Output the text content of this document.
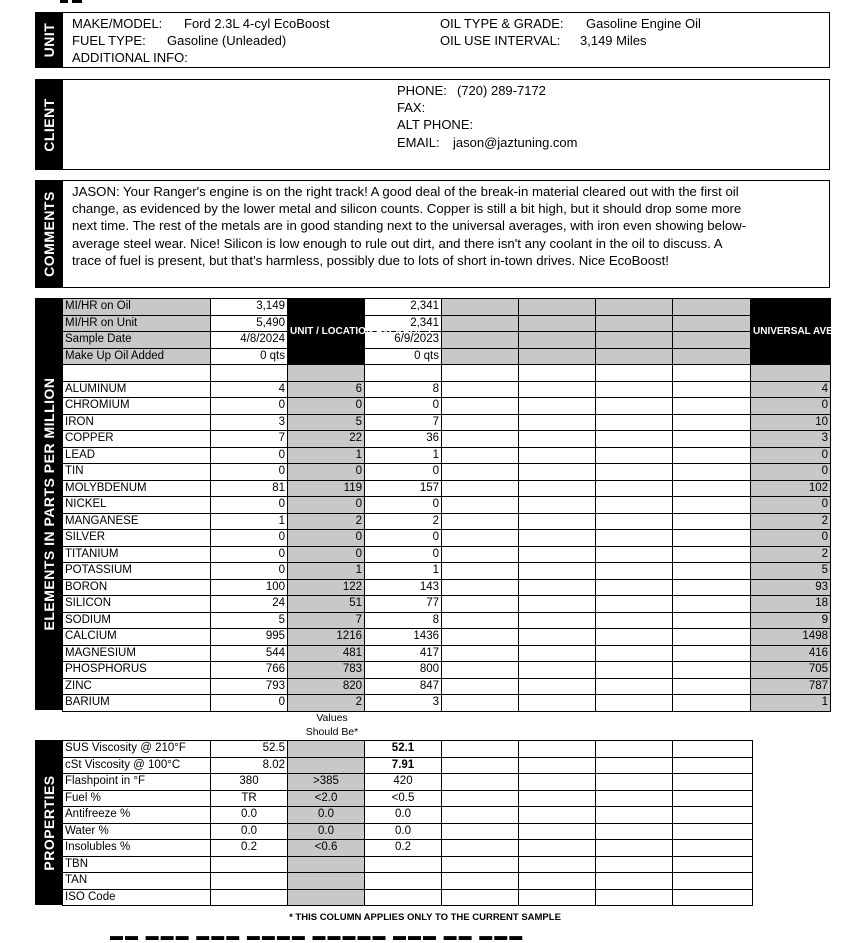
UNIT MAKE/MODEL: Ford 2.3L 4-cyl EcoBoost
FUEL TYPE: Gasoline (Unleaded)
ADDITIONAL INFO:
OIL TYPE & GRADE: Gasoline Engine Oil
OIL USE INTERVAL: 3,149 Miles
CLIENT
PHONE: (720) 289-7172
FAX:
ALT PHONE:
EMAIL: jason@jaztuning.com
COMMENTS JASON: Your Ranger's engine is on the right track! A good deal of the break-in material cleared out with the first oil change, as evidenced by the lower metal and silicon counts. Copper is still a bit high, but it should drop some more next time. The rest of the metals are in good standing next to the universal averages, with iron even showing below-average steel wear. Nice! Silicon is low enough to rule out dirt, and there isn't any coolant in the oil to discuss. A trace of fuel is present, but that's harmless, possibly due to lots of short in-town drives. Nice EcoBoost!
ELEMENTS IN PARTS PER MILLION
MI/HR on Oil	3,149	UNIT / LOCATION AVERAGES	2,341					UNIVERSAL AVERAGES
MI/HR on Unit	5,490		2,341					
Sample Date	4/8/2024		6/9/2023					
Make Up Oil Added	0 qts		0 qts					

ALUMINUM	4	6	8					4
CHROMIUM	0	0	0					0
IRON	3	5	7					10
COPPER	7	22	36					3
LEAD	0	1	1					0
TIN	0	0	0					0
MOLYBDENUM	81	119	157					102
NICKEL	0	0	0					0
MANGANESE	1	2	2					2
SILVER	0	0	0					0
TITANIUM	0	0	0					2
POTASSIUM	0	1	1					5
BORON	100	122	143					93
SILICON	24	51	77					18
SODIUM	5	7	8					9
CALCIUM	995	1216	1436					1498
MAGNESIUM	544	481	417					416
PHOSPHORUS	766	783	800					705
ZINC	793	820	847					787
BARIUM	0	2	3					1
Values Should Be*
PROPERTIES
SUS Viscosity @ 210°F	52.5		52.1				
cSt Viscosity @ 100°C	8.02		7.91				
Flashpoint in °F	380	>385	420				
Fuel %	TR	<2.0	<0.5				
Antifreeze %	0.0	0.0	0.0				
Water %	0.0	0.0	0.0				
Insolubles %	0.2	<0.6	0.2				
TBN							
TAN							
ISO Code							
* THIS COLUMN APPLIES ONLY TO THE CURRENT SAMPLE
▬▬ ▬▬▬ ▬▬▬ ▬▬▬▬ ▬▬▬▬▬ ▬▬▬ ▬▬ ▬▬▬
